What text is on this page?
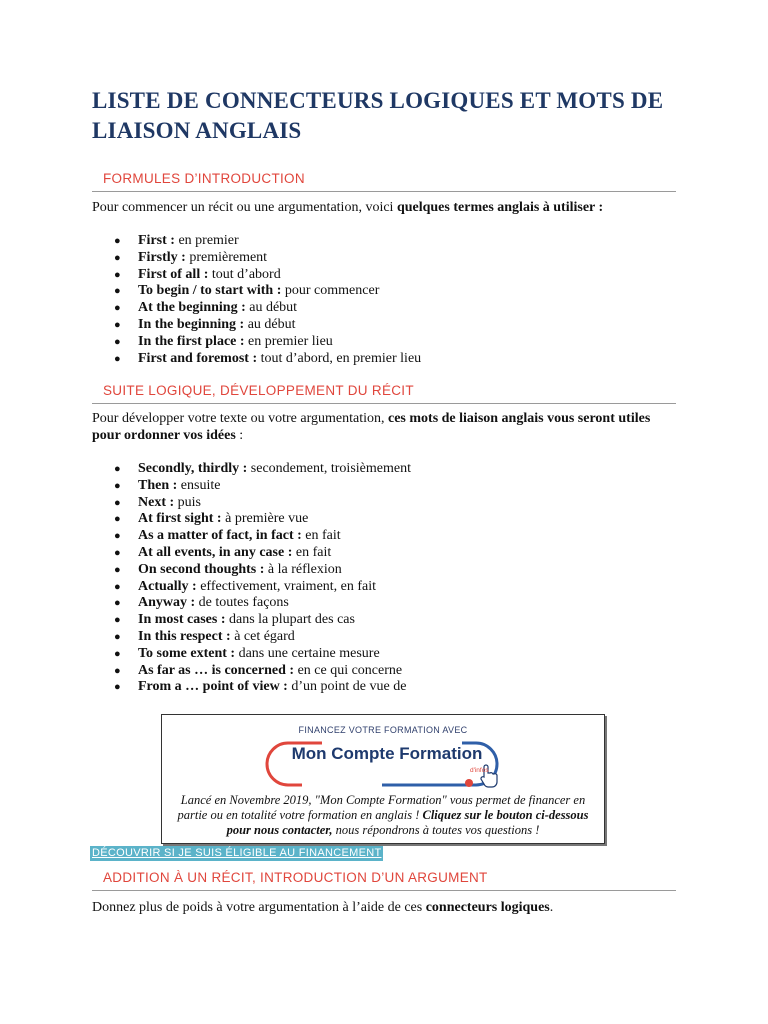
LISTE DE CONNECTEURS LOGIQUES ET MOTS DE LIAISON ANGLAIS
FORMULES D’INTRODUCTION

Pour commencer un récit ou une argumentation, voici quelques termes anglais à utiliser :

● First : en premier
● Firstly : premièrement
● First of all : tout d’abord
● To begin / to start with : pour commencer
● At the beginning : au début
● In the beginning : au début
● In the first place : en premier lieu
● First and foremost : tout d’abord, en premier lieu
SUITE LOGIQUE, DÉVELOPPEMENT DU RÉCIT

Pour développer votre texte ou votre argumentation, ces mots de liaison anglais vous seront utiles pour ordonner vos idées :

● Secondly, thirdly : secondement, troisièmement
● Then : ensuite
● Next : puis
● At first sight : à première vue
● As a matter of fact, in fact : en fait
● At all events, in any case : en fait
● On second thoughts : à la réflexion
● Actually : effectivement, vraiment, en fait
● Anyway : de toutes façons
● In most cases : dans la plupart des cas
● In this respect : à cet égard
● To some extent : dans une certaine mesure
● As far as … is concerned : en ce qui concerne
● From a … point of view : d’un point de vue de
FINANCEZ VOTRE FORMATION AVEC
Mon Compte Formation
d'infos
Lancé en Novembre 2019, "Mon Compte Formation" vous permet de financer en partie ou en totalité votre formation en anglais ! Cliquez sur le bouton ci-dessous pour nous contacter, nous répondrons à toutes vos questions !
DÉCOUVRIR SI JE SUIS ÉLIGIBLE AU FINANCEMENT
ADDITION À UN RÉCIT, INTRODUCTION D’UN ARGUMENT

Donnez plus de poids à votre argumentation à l’aide de ces connecteurs logiques.
